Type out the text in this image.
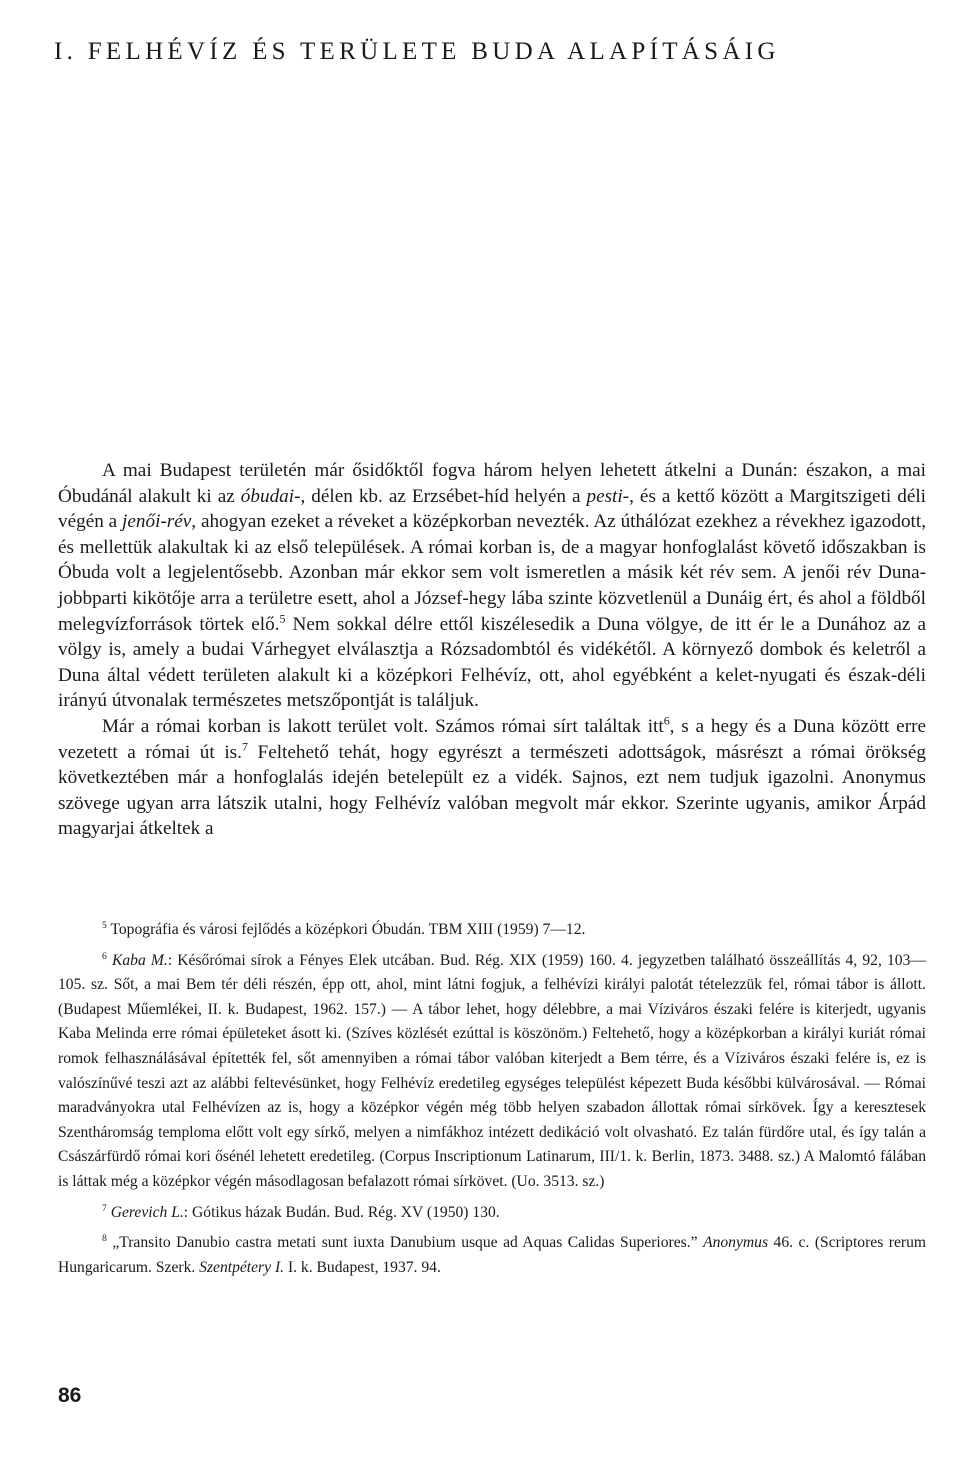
I. FELHÉVÍZ ÉS TERÜLETE BUDA ALAPÍTÁSÁIG

A mai Budapest területén már ősidőktől fogva három helyen lehetett átkelni a Dunán: északon, a mai Óbudánál alakult ki az óbudai-, délen kb. az Erzsébet-híd helyén a pesti-, és a kettő között a Margitszigeti déli végén a jenői-rév, ahogyan ezeket a réveket a középkorban nevezték. Az úthálózat ezekhez a révekhez igazodott, és mellettük alakultak ki az első települések. A római korban is, de a magyar honfoglalást követő időszakban is Óbuda volt a legjelentősebb. Azonban már ekkor sem volt ismeretlen a másik két rév sem. A jenői rév Duna-jobbparti kikötője arra a területre esett, ahol a József-hegy lába szinte közvetlenül a Dunáig ért, és ahol a földből melegvízforrások törtek elő.$^5$ Nem sokkal délre ettől kiszélesedik a Duna völgye, de itt ér le a Dunához az a völgy is, amely a budai Várhegyet elválasztja a Rózsadombtól és vidékétől. A környező dombok és keletről a Duna által védett területen alakult ki a középkori Felhévíz, ott, ahol egyébként a kelet-nyugati és észak-déli irányú útvonalak természetes metszőpontját is találjuk.

Már a római korban is lakott terület volt. Számos római sírt találtak itt$^6$, s a hegy és a Duna között erre vezetett a római út is.$^7$ Feltehető tehát, hogy egyrészt a természeti adottságok, másrészt a római örökség következtében már a honfoglalás idején betelepült ez a vidék. Sajnos, ezt nem tudjuk igazolni. Anonymus szövege ugyan arra látszik utalni, hogy Felhévíz valóban megvolt már ekkor. Szerinte ugyanis, amikor Árpád magyarjai átkeltek a

$^5$ Topográfia és városi fejlődés a középkori Óbudán. TBM XIII (1959) 7—12.

$^6$ Kaba M.: Későrómai sírok a Fényes Elek utcában. Bud. Rég. XIX (1959) 160. 4. jegyzetben található összeállítás 4, 92, 103—105. sz. Sőt, a mai Bem tér déli részén, épp ott, ahol, mint látni fogjuk, a felhévízi királyi palotát tételezzük fel, római tábor is állott. (Budapest Műemlékei, II. k. Budapest, 1962. 157.) — A tábor lehet, hogy délebbre, a mai Víziváros északi felére is kiterjedt, ugyanis Kaba Melinda erre római épületeket ásott ki. (Szíves közlését ezúttal is köszönöm.) Feltehető, hogy a középkorban a királyi kuriát római romok felhasználásával építették fel, sőt amennyiben a római tábor valóban kiterjedt a Bem térre, és a Víziváros északi felére is, ez is valószínűvé teszi azt az alábbi feltevésünket, hogy Felhévíz eredetileg egységes települést képezett Buda későbbi külvárosával. — Római maradványokra utal Felhévízen az is, hogy a középkor végén még több helyen szabadon állottak római sírkövek. Így a keresztesek Szentháromság temploma előtt volt egy sírkő, melyen a nimfákhoz intézett dedikáció volt olvasható. Ez talán fürdőre utal, és így talán a Császárfürdő római kori ősénél lehetett eredetileg. (Corpus Inscriptionum Latinarum, III/1. k. Berlin, 1873. 3488. sz.) A Malomtó fálában is láttak még a középkor végén másodlagosan befalazott római sírkövet. (Uo. 3513. sz.)

$^7$ Gerevich L.: Gótikus házak Budán. Bud. Rég. XV (1950) 130.

$^8$ „Transito Danubio castra metati sunt iuxta Danubium usque ad Aquas Calidas Superiores.” Anonymus 46. c. (Scriptores rerum Hungaricarum. Szerk. Szentpétery I. I. k. Budapest, 1937. 94.

86
